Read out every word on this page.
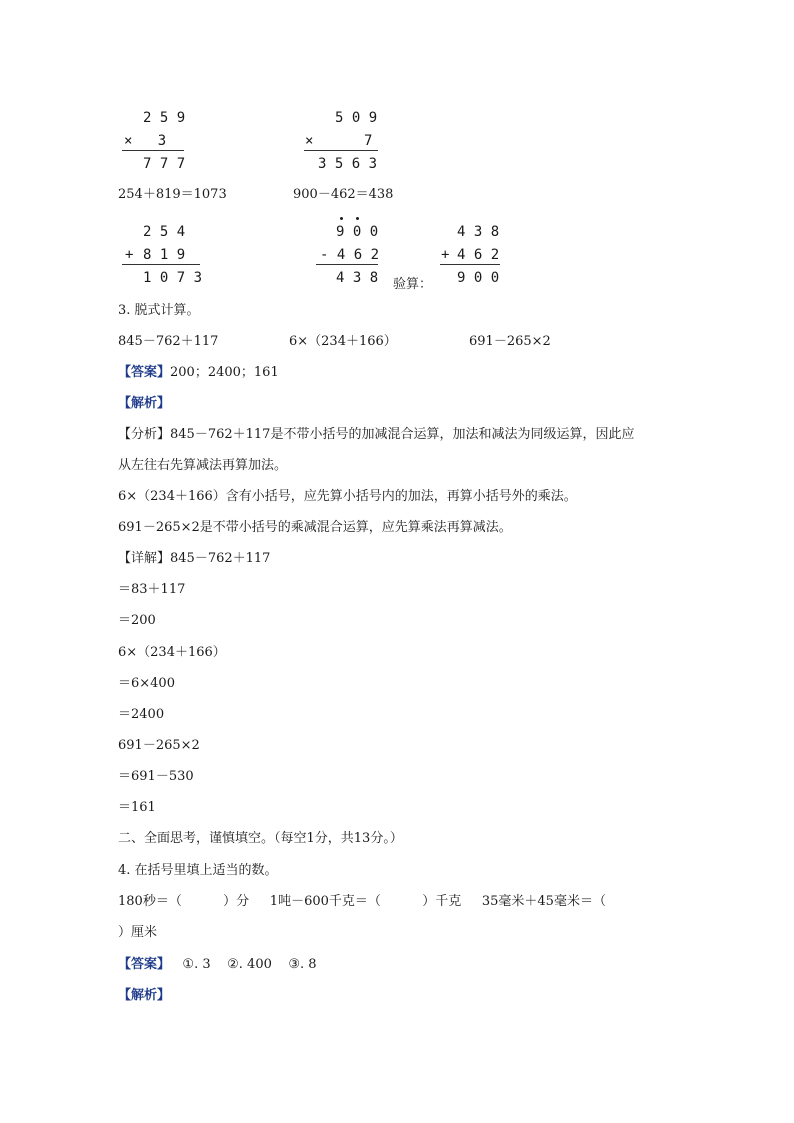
2 5 9
×   3
7 7 7
5 0 9
×      7
3 5 6 3
254＋819＝1073	900－462＝438
2 5 4
+ 8 1 9
1 0 7 3
9 0 0
- 4 6 2
4 3 8 验算：
4 3 8
+ 4 6 2
9 0 0
3. 脱式计算。
845－762＋117	6×（234＋166）	691－265×2
【答案】200；2400；161
【解析】
【分析】845－762＋117是不带小括号的加减混合运算，加法和减法为同级运算，因此应
从左往右先算减法再算加法。
6×（234＋166）含有小括号，应先算小括号内的加法，再算小括号外的乘法。
691－265×2是不带小括号的乘减混合运算，应先算乘法再算减法。
【详解】845－762＋117
＝83＋117
＝200
6×（234＋166）
＝6×400
＝2400
691－265×2
＝691－530
＝161
二、全面思考，谨慎填空。（每空1分，共13分。）
4. 在括号里填上适当的数。
180秒＝（          ）分     1吨－600千克＝（          ）千克     35毫米＋45毫米＝（
）厘米
【答案】   ①. 3    ②. 400    ③. 8
【解析】
